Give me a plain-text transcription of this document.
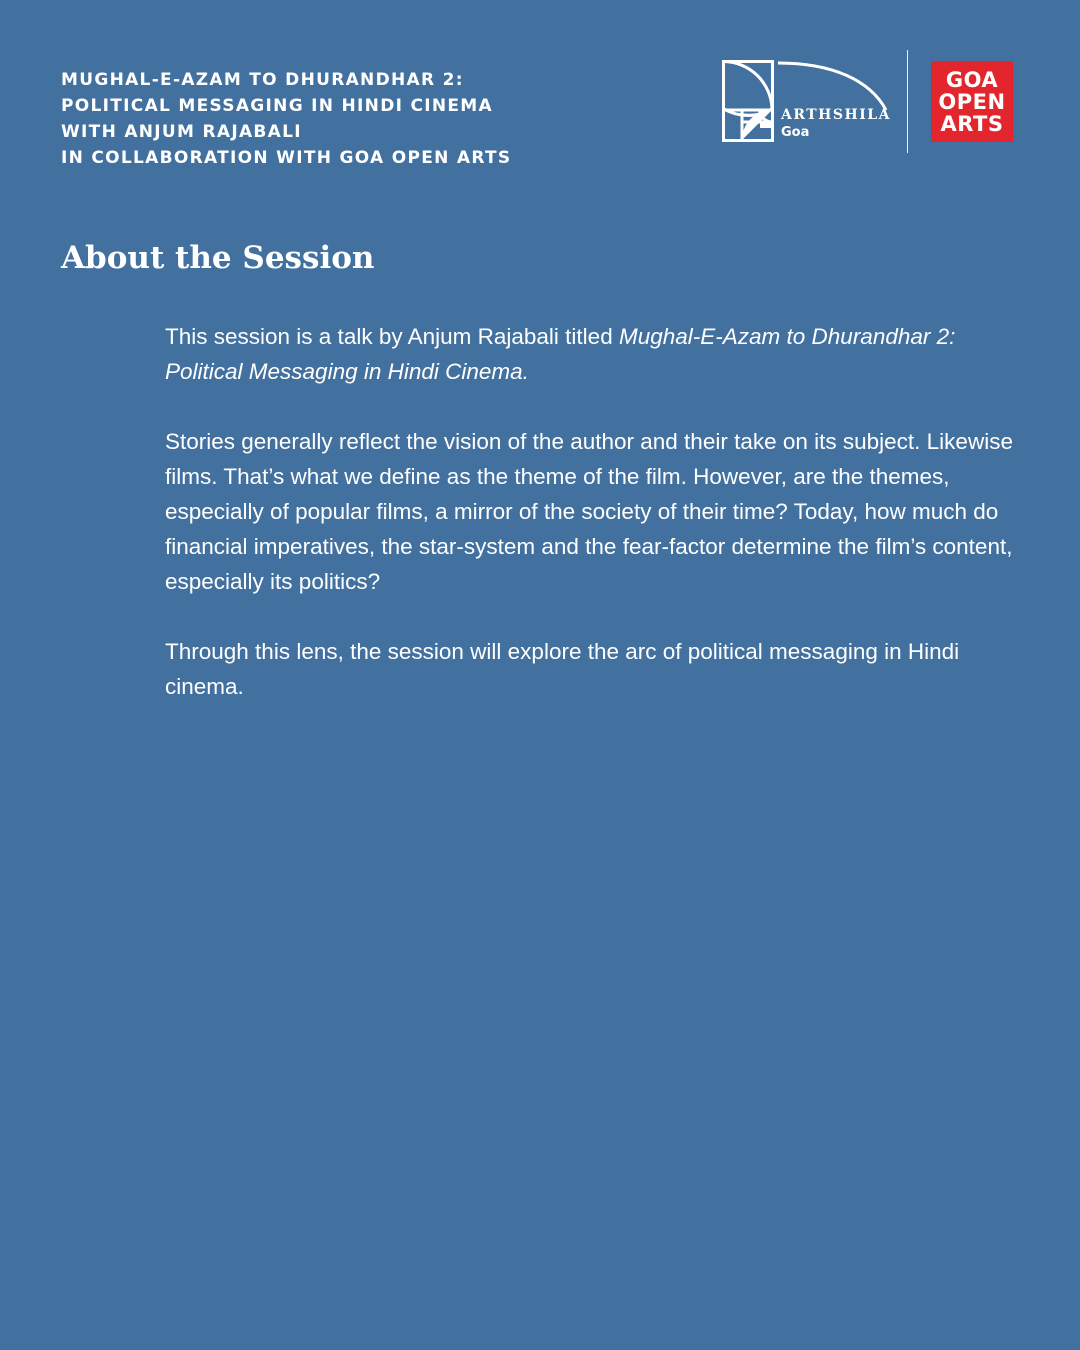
MUGHAL-E-AZAM TO DHURANDHAR 2:
POLITICAL MESSAGING IN HINDI CINEMA
WITH ANJUM RAJABALI
IN COLLABORATION WITH GOA OPEN ARTS
ARTHSHILA
Goa
GOA
OPEN
ARTS
About the Session

This session is a talk by Anjum Rajabali titled Mughal-E-Azam to Dhurandhar 2: Political Messaging in Hindi Cinema.

Stories generally reflect the vision of the author and their take on its subject. Likewise films. That’s what we define as the theme of the film. However, are the themes, especially of popular films, a mirror of the society of their time? Today, how much do financial imperatives, the star-system and the fear-factor determine the film’s content, especially its politics?

Through this lens, the session will explore the arc of political messaging in Hindi cinema.
